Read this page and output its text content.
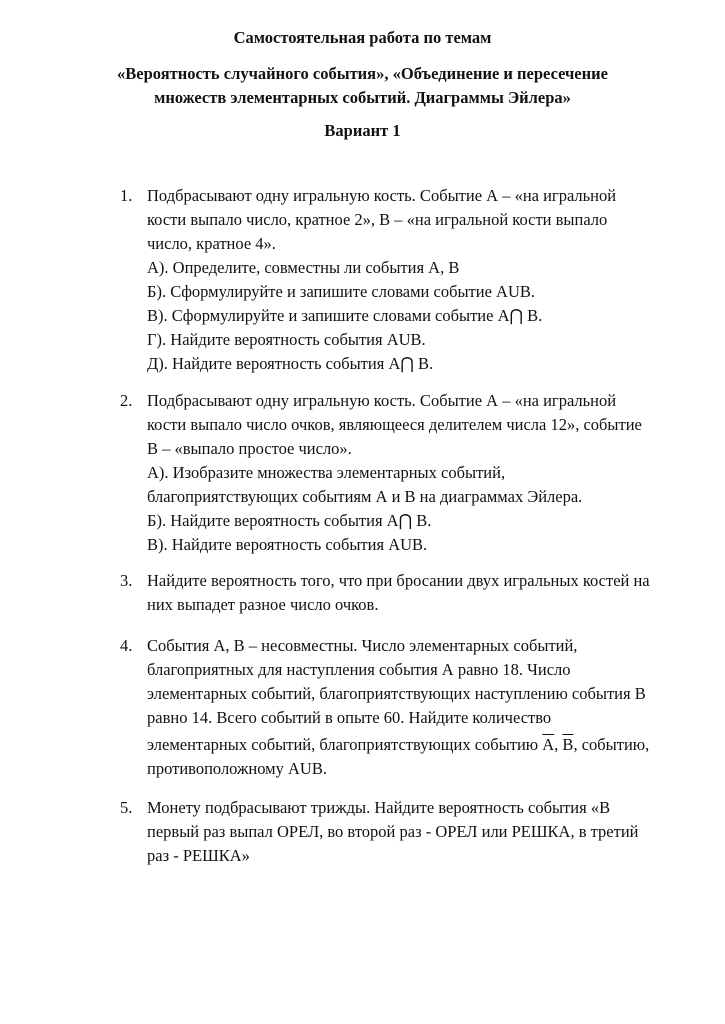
Самостоятельная работа по темам
«Вероятность случайного события», «Объединение и пересечение
множеств элементарных событий. Диаграммы Эйлера»
Вариант 1
1. Подбрасывают одну игральную кость. Событие А – «на игральной
кости выпало число, кратное 2», В – «на игральной кости выпало
число, кратное 4».
А). Определите, совместны ли события А, В
Б). Сформулируйте и запишите словами событие АUB.
В). Сформулируйте и запишите словами событие А⋂ В.
Г). Найдите вероятность события АUB.
Д). Найдите вероятность события А⋂ В.
2. Подбрасывают одну игральную кость. Событие А – «на игральной
кости выпало число очков, являющееся делителем числа 12», событие
В – «выпало простое число».
А). Изобразите множества элементарных событий,
благоприятствующих событиям А и В на диаграммах Эйлера.
Б). Найдите вероятность события А⋂ В.
В). Найдите вероятность события АUB.
3. Найдите вероятность того, что при бросании двух игральных костей на
них выпадет разное число очков.
4. События А, В – несовместны. Число элементарных событий,
благоприятных для наступления события А равно 18. Число
элементарных событий, благоприятствующих наступлению события В
равно 14. Всего событий в опыте 60. Найдите количество
элементарных событий, благоприятствующих событию А, В, событию,
противоположному АUB.
5. Монету подбрасывают трижды. Найдите вероятность события «В
первый раз выпал ОРЕЛ, во второй раз - ОРЕЛ или РЕШКА, в третий
раз - РЕШКА»
